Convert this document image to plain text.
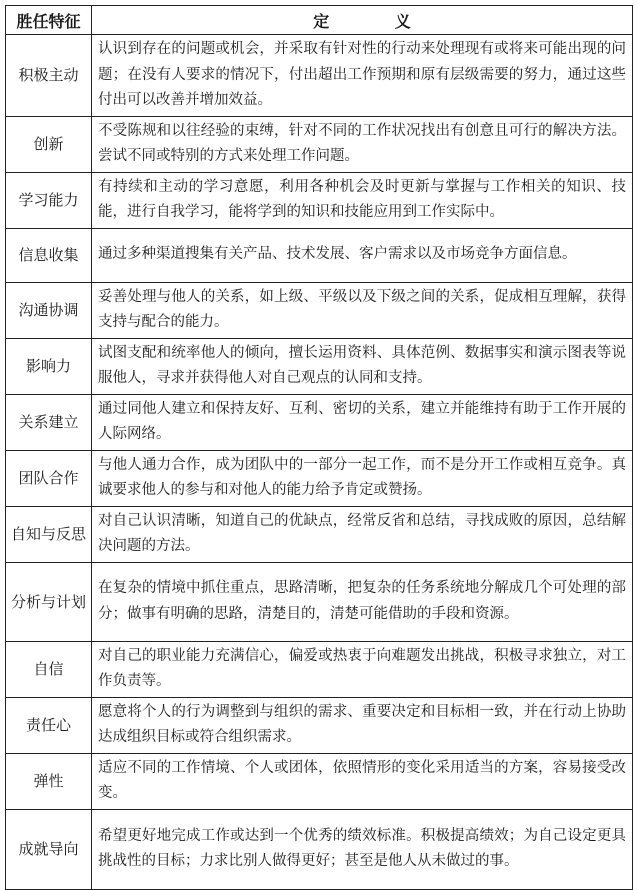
胜任特征	定 义
积极主动	认识到存在的问题或机会，并采取有针对性的行动来处理现有或将来可能出现的问题；在没有人要求的情况下，付出超出工作预期和原有层级需要的努力，通过这些付出可以改善并增加效益。
创新	不受陈规和以往经验的束缚，针对不同的工作状况找出有创意且可行的解决方法。尝试不同或特别的方式来处理工作问题。
学习能力	有持续和主动的学习意愿，利用各种机会及时更新与掌握与工作相关的知识、技能，进行自我学习，能将学到的知识和技能应用到工作实际中。
信息收集	通过多种渠道搜集有关产品、技术发展、客户需求以及市场竞争方面信息。
沟通协调	妥善处理与他人的关系，如上级、平级以及下级之间的关系，促成相互理解，获得支持与配合的能力。
影响力	试图支配和统率他人的倾向，擅长运用资料、具体范例、数据事实和演示图表等说服他人，寻求并获得他人对自己观点的认同和支持。
关系建立	通过同他人建立和保持友好、互利、密切的关系，建立并能维持有助于工作开展的人际网络。
团队合作	与他人通力合作，成为团队中的一部分一起工作，而不是分开工作或相互竞争。真诚要求他人的参与和对他人的能力给予肯定或赞扬。
自知与反思	对自己认识清晰，知道自己的优缺点，经常反省和总结，寻找成败的原因，总结解决问题的方法。
分析与计划	在复杂的情境中抓住重点，思路清晰，把复杂的任务系统地分解成几个可处理的部分；做事有明确的思路，清楚目的，清楚可能借助的手段和资源。
自信	对自己的职业能力充满信心，偏爱或热衷于向难题发出挑战，积极寻求独立，对工作负责等。
责任心	愿意将个人的行为调整到与组织的需求、重要决定和目标相一致，并在行动上协助达成组织目标或符合组织需求。
弹性	适应不同的工作情境、个人或团体，依照情形的变化采用适当的方案，容易接受改变。
成就导向	希望更好地完成工作或达到一个优秀的绩效标准。积极提高绩效；为自己设定更具挑战性的目标；力求比别人做得更好；甚至是他人从未做过的事。
